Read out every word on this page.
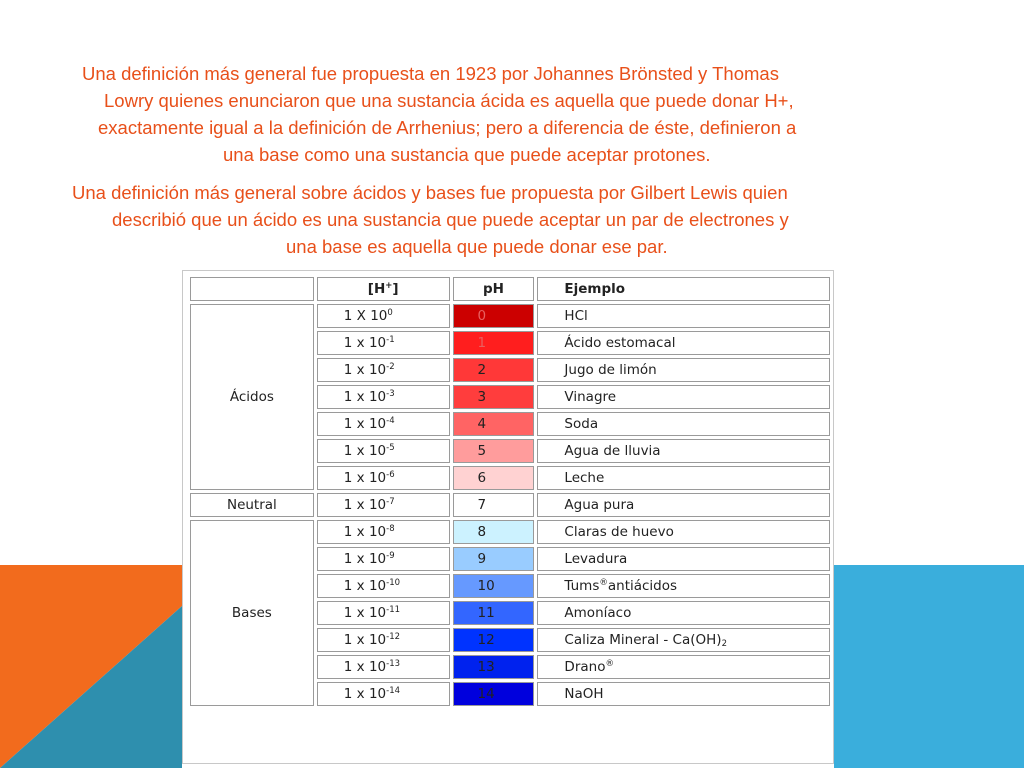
Una definición más general fue propuesta en 1923 por Johannes Brönsted y Thomas
Lowry quienes enunciaron que una sustancia ácida es aquella que puede donar H+,
exactamente igual a la definición de Arrhenius; pero a diferencia de éste, definieron a
una base como una sustancia que puede aceptar protones.
Una definición más general sobre ácidos y bases fue propuesta por Gilbert Lewis quien
describió que un ácido es una sustancia que puede aceptar un par de electrones y
una base es aquella que puede donar ese par.
	[H+]	pH	Ejemplo
Ácidos	1 X $10^0$	0	HCl
	1 x $10^{-1}$	1	Ácido estomacal
	1 x $10^{-2}$	2	Jugo de limón
	1 x $10^{-3}$	3	Vinagre
	1 x $10^{-4}$	4	Soda
	1 x $10^{-5}$	5	Agua de lluvia
	1 x $10^{-6}$	6	Leche
Neutral	1 x $10^{-7}$	7	Agua pura
Bases	1 x $10^{-8}$	8	Claras de huevo
	1 x $10^{-9}$	9	Levadura
	1 x $10^{-10}$	10	Tums®antiácidos
	1 x $10^{-11}$	11	Amoníaco
	1 x $10^{-12}$	12	Caliza Mineral - $Ca(OH)_2$
	1 x $10^{-13}$	13	Drano®
	1 x $10^{-14}$	14	NaOH
